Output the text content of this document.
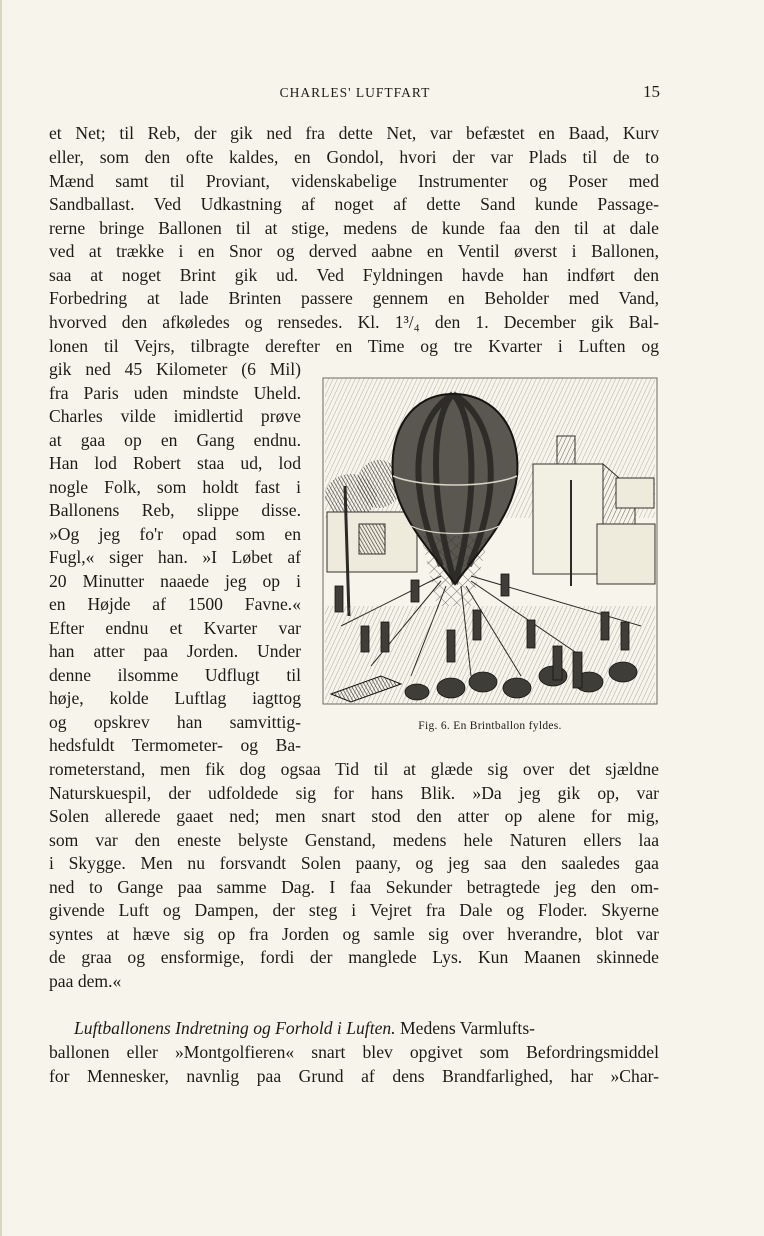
CHARLES' LUFTFART	15
et Net; til Reb, der gik ned fra dette Net, var befæstet en Baad, Kurv
eller, som den ofte kaldes, en Gondol, hvori der var Plads til de to
Mænd samt til Proviant, videnskabelige Instrumenter og Poser med
Sandballast. Ved Udkastning af noget af dette Sand kunde Passage-
rerne bringe Ballonen til at stige, medens de kunde faa den til at dale
ved at trække i en Snor og derved aabne en Ventil øverst i Ballonen,
saa at noget Brint gik ud. Ved Fyldningen havde han indført den
Forbedring at lade Brinten passere gennem en Beholder med Vand,
hvorved den afkøledes og rensedes. Kl. 1³/₄ den 1. December gik Bal-
lonen til Vejrs, tilbragte derefter en Time og tre Kvarter i Luften og
gik ned 45 Kilometer (6 Mil)
fra Paris uden mindste Uheld.
Charles vilde imidlertid prøve
at gaa op en Gang endnu.
Han lod Robert staa ud, lod
nogle Folk, som holdt fast i
Ballonens Reb, slippe disse.
»Og jeg fo'r opad som en
Fugl,« siger han. »I Løbet af
20 Minutter naaede jeg op i
en Højde af 1500 Favne.«
Efter endnu et Kvarter var
han atter paa Jorden. Under
denne ilsomme Udflugt til
høje, kolde Luftlag iagttog
og opskrev han samvittig-
hedsfuldt Termometer- og Ba-
rometerstand, men fik dog ogsaa Tid til at glæde sig over det sjældne
Naturskuespil, der udfoldede sig for hans Blik. »Da jeg gik op, var
Solen allerede gaaet ned; men snart stod den atter op alene for mig,
som var den eneste belyste Genstand, medens hele Naturen ellers laa
i Skygge. Men nu forsvandt Solen paany, og jeg saa den saaledes gaa
ned to Gange paa samme Dag. I faa Sekunder betragtede jeg den om-
givende Luft og Dampen, der steg i Vejret fra Dale og Floder. Skyerne
syntes at hæve sig op fra Jorden og samle sig over hverandre, blot var
de graa og ensformige, fordi der manglede Lys. Kun Maanen skinnede
paa dem.«
Luftballonens Indretning og Forhold i Luften. Medens Varmlufts-
ballonen eller »Montgolfieren« snart blev opgivet som Befordringsmiddel
for Mennesker, navnlig paa Grund af dens Brandfarlighed, har »Char-
Fig. 6. En Brintballon fyldes.
